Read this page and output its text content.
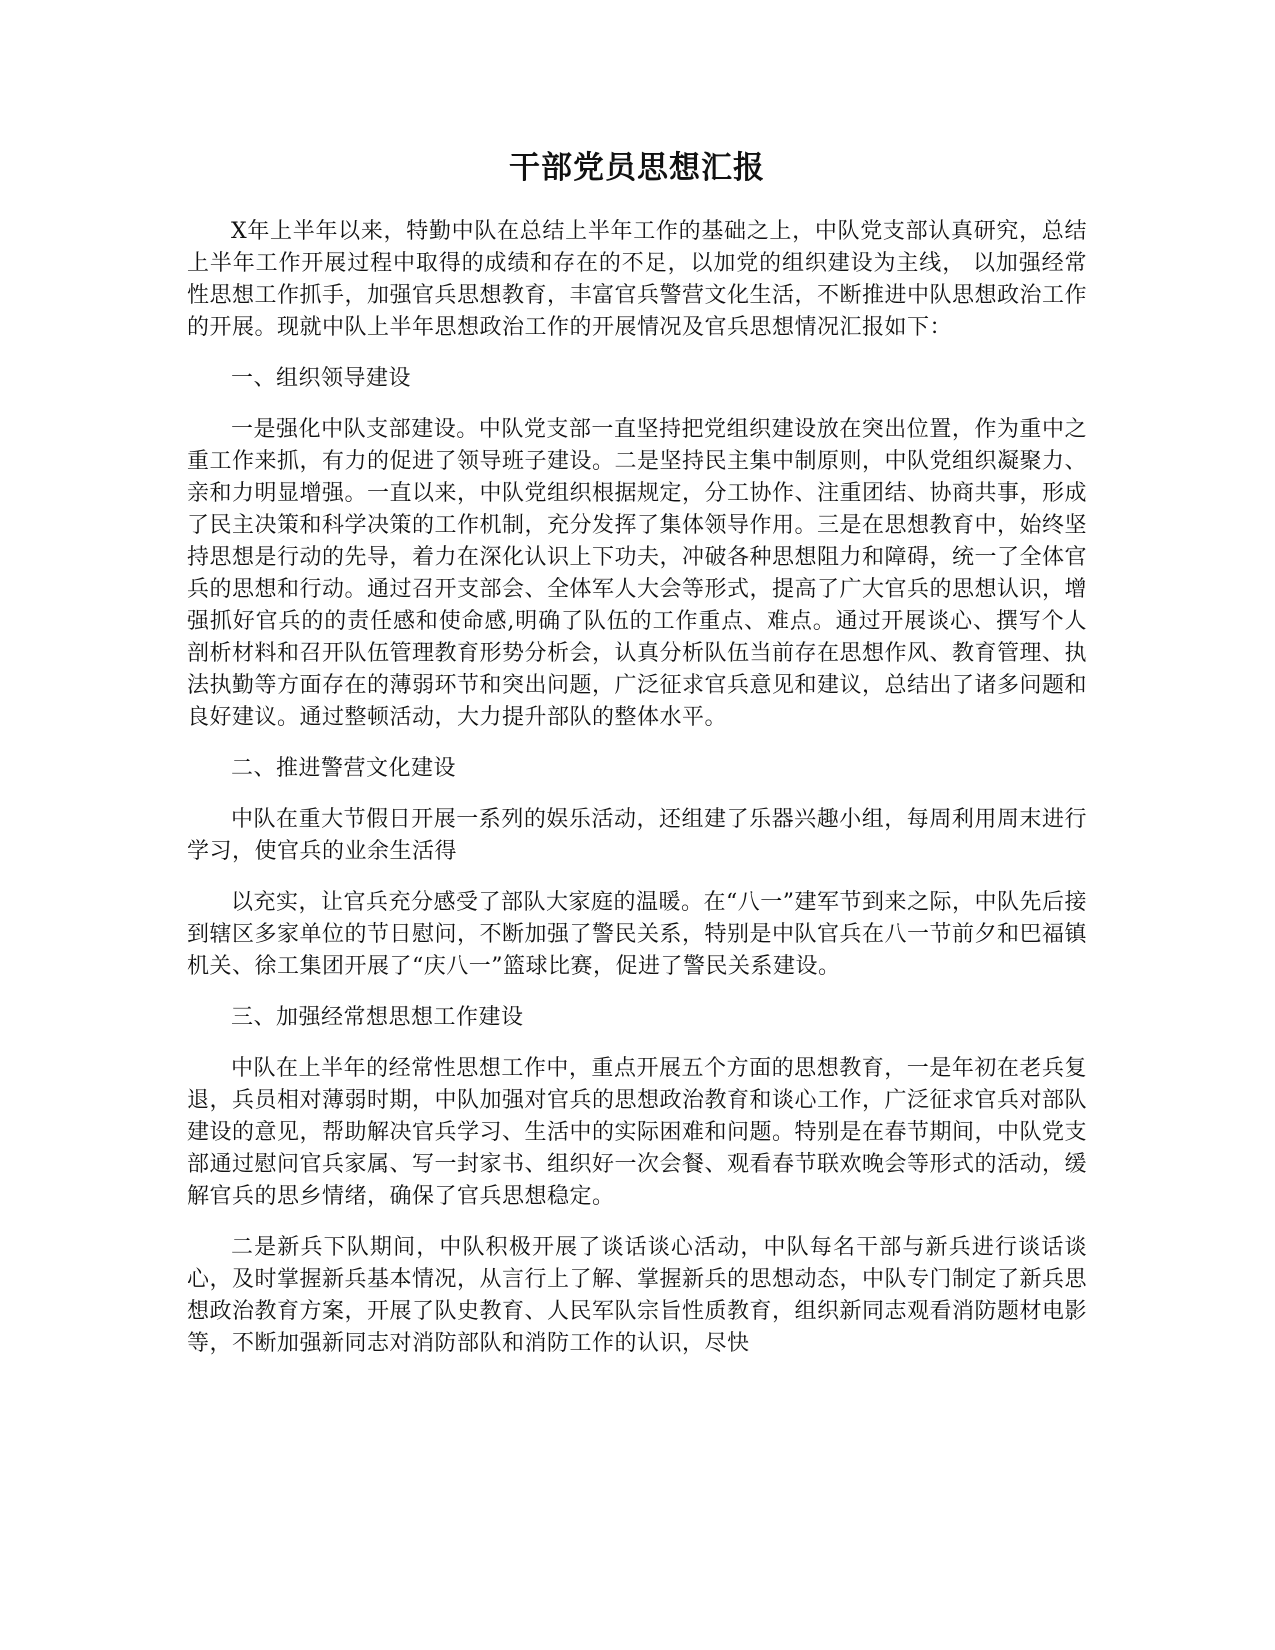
干部党员思想汇报

X年上半年以来，特勤中队在总结上半年工作的基础之上，中队党支部认真研究，总结上半年工作开展过程中取得的成绩和存在的不足，以加党的组织建设为主线， 以加强经常性思想工作抓手，加强官兵思想教育，丰富官兵警营文化生活，不断推进中队思想政治工作的开展。现就中队上半年思想政治工作的开展情况及官兵思想情况汇报如下：

一、组织领导建设

一是强化中队支部建设。中队党支部一直坚持把党组织建设放在突出位置，作为重中之重工作来抓，有力的促进了领导班子建设。二是坚持民主集中制原则，中队党组织凝聚力、亲和力明显增强。一直以来，中队党组织根据规定，分工协作、注重团结、协商共事，形成了民主决策和科学决策的工作机制，充分发挥了集体领导作用。三是在思想教育中，始终坚持思想是行动的先导，着力在深化认识上下功夫，冲破各种思想阻力和障碍，统一了全体官兵的思想和行动。通过召开支部会、全体军人大会等形式，提高了广大官兵的思想认识，增强抓好官兵的的责任感和使命感,明确了队伍的工作重点、难点。通过开展谈心、撰写个人剖析材料和召开队伍管理教育形势分析会，认真分析队伍当前存在思想作风、教育管理、执法执勤等方面存在的薄弱环节和突出问题，广泛征求官兵意见和建议，总结出了诸多问题和良好建议。通过整顿活动，大力提升部队的整体水平。

二、推进警营文化建设

中队在重大节假日开展一系列的娱乐活动，还组建了乐器兴趣小组，每周利用周末进行学习，使官兵的业余生活得

以充实，让官兵充分感受了部队大家庭的温暖。在“八一”建军节到来之际，中队先后接到辖区多家单位的节日慰问，不断加强了警民关系，特别是中队官兵在八一节前夕和巴福镇机关、徐工集团开展了“庆八一”篮球比赛，促进了警民关系建设。

三、加强经常想思想工作建设

中队在上半年的经常性思想工作中，重点开展五个方面的思想教育，一是年初在老兵复退，兵员相对薄弱时期，中队加强对官兵的思想政治教育和谈心工作，广泛征求官兵对部队建设的意见，帮助解决官兵学习、生活中的实际困难和问题。特别是在春节期间，中队党支部通过慰问官兵家属、写一封家书、组织好一次会餐、观看春节联欢晚会等形式的活动，缓解官兵的思乡情绪，确保了官兵思想稳定。

二是新兵下队期间，中队积极开展了谈话谈心活动，中队每名干部与新兵进行谈话谈心，及时掌握新兵基本情况，从言行上了解、掌握新兵的思想动态，中队专门制定了新兵思想政治教育方案，开展了队史教育、人民军队宗旨性质教育，组织新同志观看消防题材电影等，不断加强新同志对消防部队和消防工作的认识，尽快
